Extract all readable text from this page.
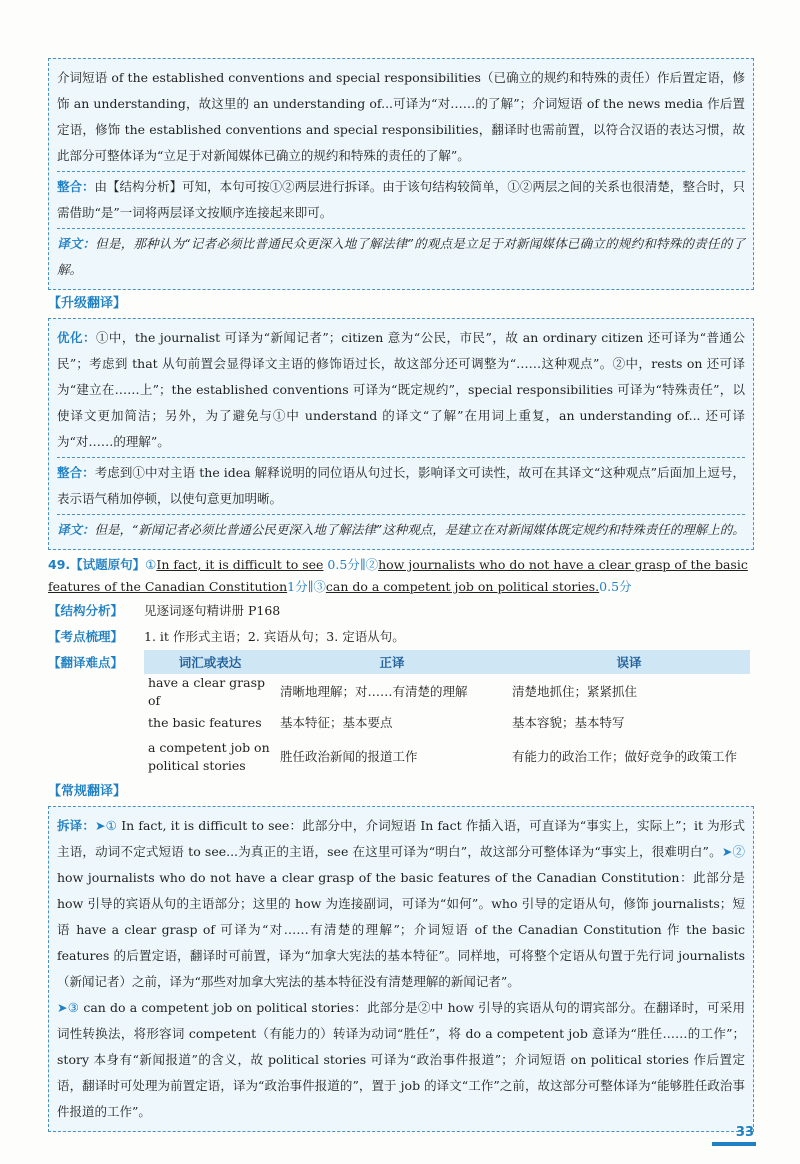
介词短语 of the established conventions and special responsibilities（已确立的规约和特殊的责任）作后置定语，修饰 an understanding，故这里的 an understanding of...可译为“对……的了解”；介词短语 of the news media 作后置定语，修饰 the established conventions and special responsibilities，翻译时也需前置，以符合汉语的表达习惯，故此部分可整体译为“立足于对新闻媒体已确立的规约和特殊的责任的了解”。

整合：由【结构分析】可知，本句可按①②两层进行拆译。由于该句结构较简单，①②两层之间的关系也很清楚，整合时，只需借助“是”一词将两层译文按顺序连接起来即可。

译文：但是，那种认为“记者必须比普通民众更深入地了解法律”的观点是立足于对新闻媒体已确立的规约和特殊的责任的了解。

【升级翻译】

优化：①中，the journalist 可译为“新闻记者”；citizen 意为“公民，市民”，故 an ordinary citizen 还可译为“普通公民”；考虑到 that 从句前置会显得译文主语的修饰语过长，故这部分还可调整为“……这种观点”。②中，rests on 还可译为“建立在……上”；the established conventions 可译为“既定规约”，special responsibilities 可译为“特殊责任”，以使译文更加简洁；另外，为了避免与①中 understand 的译文“了解”在用词上重复，an understanding of... 还可译为“对……的理解”。

整合：考虑到①中对主语 the idea 解释说明的同位语从句过长，影响译文可读性，故可在其译文“这种观点”后面加上逗号，表示语气稍加停顿，以使句意更加明晰。

译文：但是，“新闻记者必须比普通公民更深入地了解法律”这种观点，是建立在对新闻媒体既定规约和特殊责任的理解上的。

49.【试题原句】①In fact, it is difficult to see 0.5分∥②how journalists who do not have a clear grasp of the basic features of the Canadian Constitution1分∥③can do a competent job on political stories.0.5分

【结构分析】	见逐词逐句精讲册 P168
【考点梳理】	1. it 作形式主语；2. 宾语从句；3. 定语从句。
【翻译难点】	词汇或表达	正译	误译
have a clear grasp of	清晰地理解；对……有清楚的理解	清楚地抓住；紧紧抓住
the basic features	基本特征；基本要点	基本容貌；基本特写
a competent job on political stories	胜任政治新闻的报道工作	有能力的政治工作；做好竞争的政策工作

【常规翻译】

拆译：➤① In fact, it is difficult to see：此部分中，介词短语 In fact 作插入语，可直译为“事实上，实际上”；it 为形式主语，动词不定式短语 to see...为真正的主语，see 在这里可译为“明白”，故这部分可整体译为“事实上，很难明白”。➤② how journalists who do not have a clear grasp of the basic features of the Canadian Constitution：此部分是 how 引导的宾语从句的主语部分；这里的 how 为连接副词，可译为“如何”。who 引导的定语从句，修饰 journalists；短语 have a clear grasp of 可译为“对……有清楚的理解”；介词短语 of the Canadian Constitution 作 the basic features 的后置定语，翻译时可前置，译为“加拿大宪法的基本特征”。同样地，可将整个定语从句置于先行词 journalists（新闻记者）之前，译为“那些对加拿大宪法的基本特征没有清楚理解的新闻记者”。
➤③ can do a competent job on political stories：此部分是②中 how 引导的宾语从句的谓宾部分。在翻译时，可采用词性转换法，将形容词 competent（有能力的）转译为动词“胜任”，将 do a competent job 意译为“胜任……的工作”；story 本身有“新闻报道”的含义，故 political stories 可译为“政治事件报道”；介词短语 on political stories 作后置定语，翻译时可处理为前置定语，译为“政治事件报道的”，置于 job 的译文“工作”之前，故这部分可整体译为“能够胜任政治事件报道的工作”。

33
